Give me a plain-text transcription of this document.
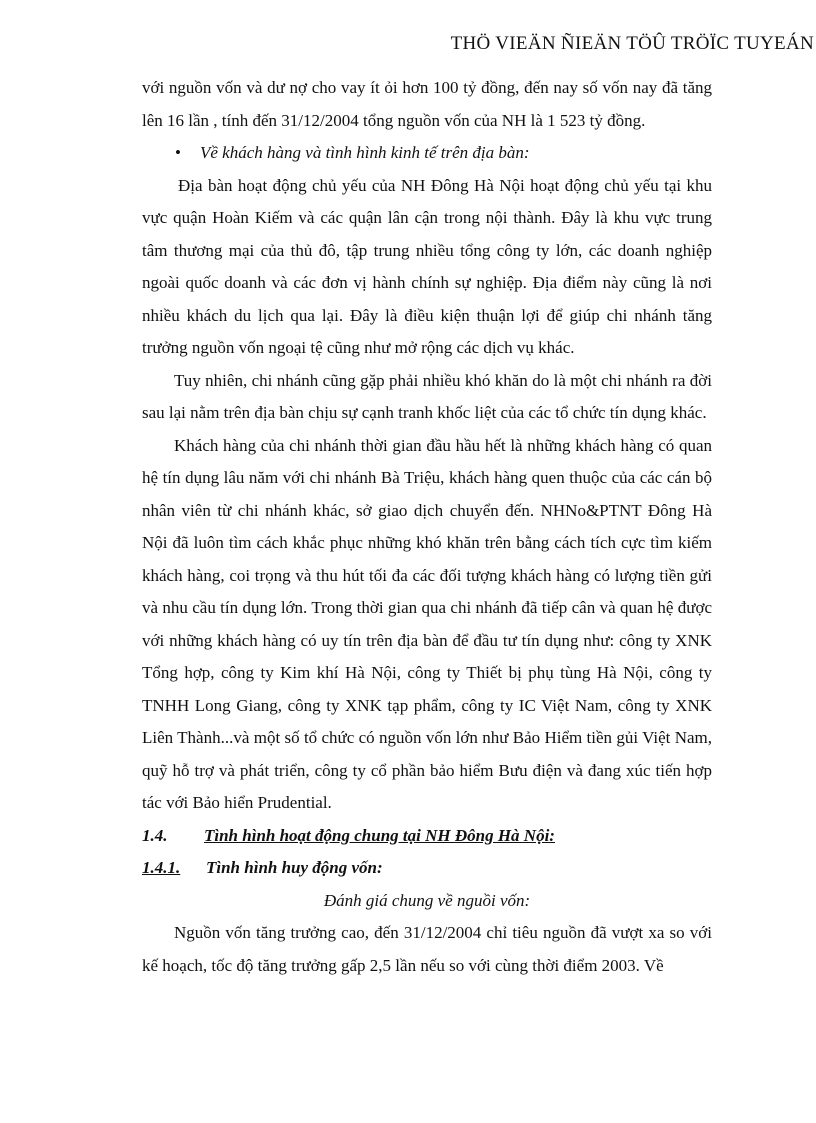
THÖ VIEÄN ÑIEÄN TÖÛ TRÖÏC TUYEÁN

với nguồn vốn và dư nợ cho vay ít ỏi hơn 100 tỷ đồng, đến nay số vốn nay đã tăng lên 16 lần , tính đến 31/12/2004 tổng nguồn vốn của NH là 1 523 tỷ đồng.

• Về khách hàng và tình hình kinh tế trên địa bàn:

Địa bàn hoạt động chủ yếu của NH Đông Hà Nội hoạt động chủ yếu tại khu vực quận Hoàn Kiếm và các quận lân cận trong nội thành. Đây là khu vực trung tâm thương mại của thủ đô, tập trung nhiều tổng công ty lớn, các doanh nghiệp ngoài quốc doanh và các đơn vị hành chính sự nghiệp. Địa điểm này cũng là nơi nhiều khách du lịch qua lại. Đây là điều kiện thuận lợi để giúp chi nhánh tăng trưởng nguồn vốn ngoại tệ cũng như mở rộng các dịch vụ khác.

Tuy nhiên, chi nhánh cũng gặp phải nhiều khó khăn do là một chi nhánh ra đời sau lại nằm trên địa bàn chịu sự cạnh tranh khốc liệt của các tổ chức tín dụng khác.

Khách hàng của chi nhánh thời gian đầu hầu hết là những khách hàng có quan hệ tín dụng lâu năm với chi nhánh Bà Triệu, khách hàng quen thuộc của các cán bộ nhân viên từ chi nhánh khác, sở giao dịch chuyển đến. NHNo&PTNT Đông Hà Nội đã luôn tìm cách khắc phục những khó khăn trên bằng cách tích cực tìm kiếm khách hàng, coi trọng và thu hút tối đa các đối tượng khách hàng có lượng tiền gửi và nhu cầu tín dụng lớn. Trong thời gian qua chi nhánh đã tiếp cân và quan hệ được với những khách hàng có uy tín trên địa bàn để đầu tư tín dụng như: công ty XNK Tổng hợp, công ty Kim khí Hà Nội, công ty Thiết bị phụ tùng Hà Nội, công ty TNHH Long Giang, công ty XNK tạp phẩm, công ty IC Việt Nam, công ty XNK Liên Thành...và một số tổ chức có nguồn vốn lớn như Bảo Hiểm tiền gủi Việt Nam, quỹ hỗ trợ và phát triển, công ty cổ phần bảo hiểm Bưu điện và đang xúc tiến hợp tác với Bảo hiển Prudential.

1.4. Tình hình hoạt động chung tại NH Đông Hà Nội:

1.4.1. Tình hình huy động vốn:

Đánh giá chung về nguồi vốn:

Nguồn vốn tăng trưởng cao, đến 31/12/2004 chỉ tiêu nguồn đã vượt xa so với kế hoạch, tốc độ tăng trưởng gấp 2,5 lần nếu so với cùng thời điểm 2003. Về
